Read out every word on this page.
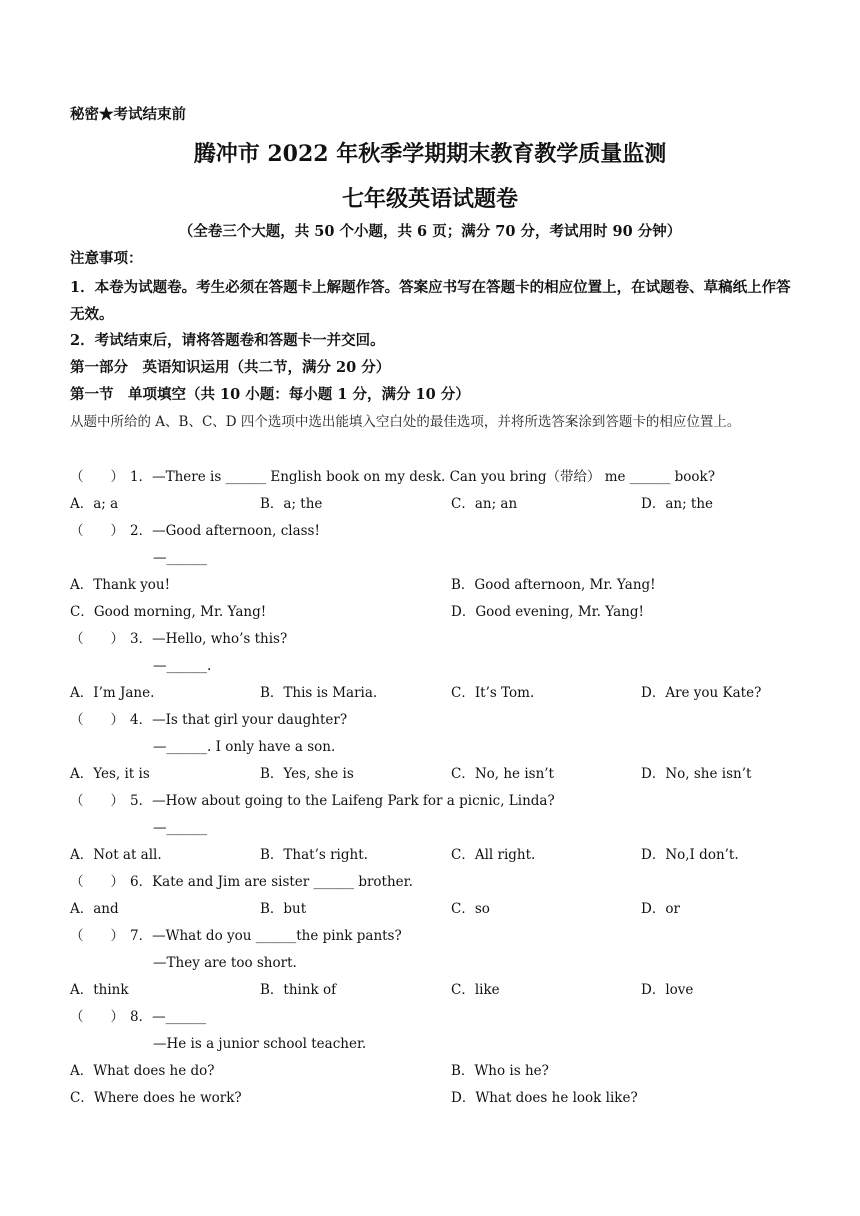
秘密★考试结束前
腾冲市 2022 年秋季学期期末教育教学质量监测
七年级英语试题卷
（全卷三个大题，共 50 个小题，共 6 页；满分 70 分，考试用时 90 分钟）
注意事项：
1．本卷为试题卷。考生必须在答题卡上解题作答。答案应书写在答题卡的相应位置上，在试题卷、草稿纸上作答无效。
2．考试结束后，请将答题卷和答题卡一并交回。
第一部分　英语知识运用（共二节，满分 20 分）
第一节　单项填空（共 10 小题：每小题 1 分，满分 10 分）
从题中所给的 A、B、C、D 四个选项中选出能填入空白处的最佳选项，并将所选答案涂到答题卡的相应位置上。
（　　） 1．—There is ______ English book on my desk. Can you bring（带给） me ______ book?
A．a; a	B．a; the	C．an; an	D．an; the
（　　） 2．—Good afternoon, class!
—______
A．Thank you!	B．Good afternoon, Mr. Yang!
C．Good morning, Mr. Yang!	D．Good evening, Mr. Yang!
（　　） 3．—Hello, who’s this?
—______.
A．I’m Jane.	B．This is Maria.	C．It’s Tom.	D．Are you Kate?
（　　） 4．—Is that girl your daughter?
—______. I only have a son.
A．Yes, it is	B．Yes, she is	C．No, he isn’t	D．No, she isn’t
（　　） 5．—How about going to the Laifeng Park for a picnic, Linda?
—______
A．Not at all.	B．That’s right.	C．All right.	D．No,I don’t.
（　　） 6．Kate and Jim are sister ______ brother.
A．and	B．but	C．so	D．or
（　　） 7．—What do you ______the pink pants?
—They are too short.
A．think	B．think of	C．like	D．love
（　　） 8．—______
—He is a junior school teacher.
A．What does he do?	B．Who is he?
C．Where does he work?	D．What does he look like?
